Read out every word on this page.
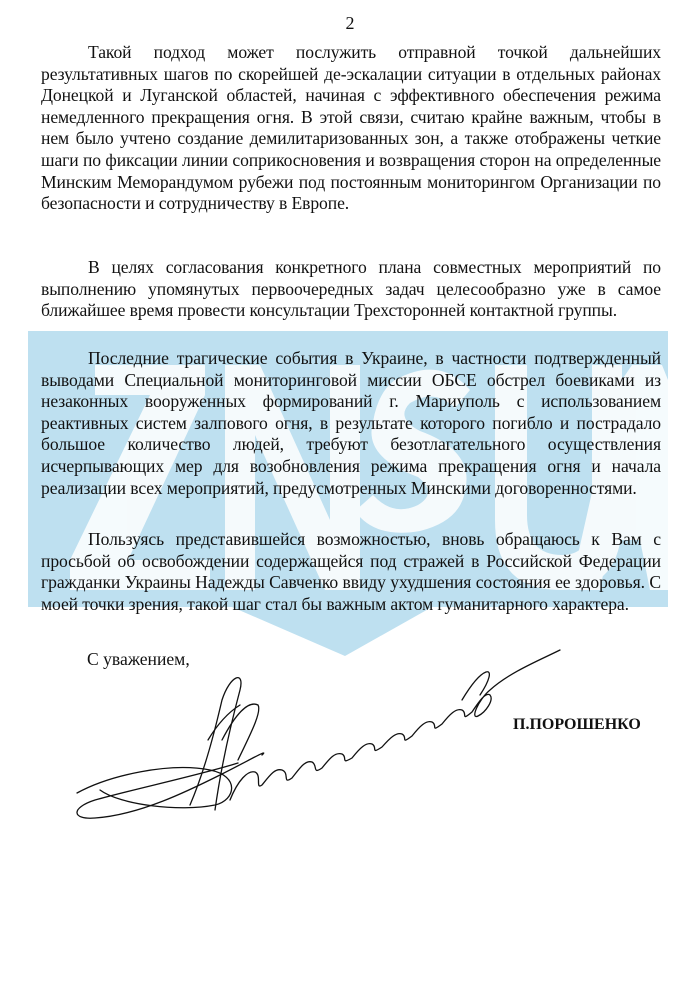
2
Такой подход может послужить отправной точкой дальнейших результативных шагов по скорейшей де-эскалации ситуации в отдельных районах Донецкой и Луганской областей, начиная с эффективного обеспечения режима немедленного прекращения огня. В этой связи, считаю крайне важным, чтобы в нем было учтено создание демилитаризованных зон, а также отображены четкие шаги по фиксации линии соприкосновения и возвращения сторон на определенные Минским Меморандумом рубежи под постоянным мониторингом Организации по безопасности и сотрудничеству в Европе.
В целях согласования конкретного плана совместных мероприятий по выполнению упомянутых первоочередных задач целесообразно уже в самое ближайшее время провести консультации Трехсторонней контактной группы.
Последние трагические события в Украине, в частности подтвержденный выводами Специальной мониторинговой миссии ОБСЕ обстрел боевиками из незаконных вооруженных формирований г. Мариуполь с использованием реактивных систем залпового огня, в результате которого погибло и пострадало большое количество людей, требуют безотлагательного осуществления исчерпывающих мер для возобновления режима прекращения огня и начала реализации всех мероприятий, предусмотренных Минскими договоренностями.
Пользуясь представившейся возможностью, вновь обращаюсь к Вам с просьбой об освобождении содержащейся под стражей в Российской Федерации гражданки Украины Надежды Савченко ввиду ухудшения состояния ее здоровья. С моей точки зрения, такой шаг стал бы важным актом гуманитарного характера.
С уважением,
П.ПОРОШЕНКО
